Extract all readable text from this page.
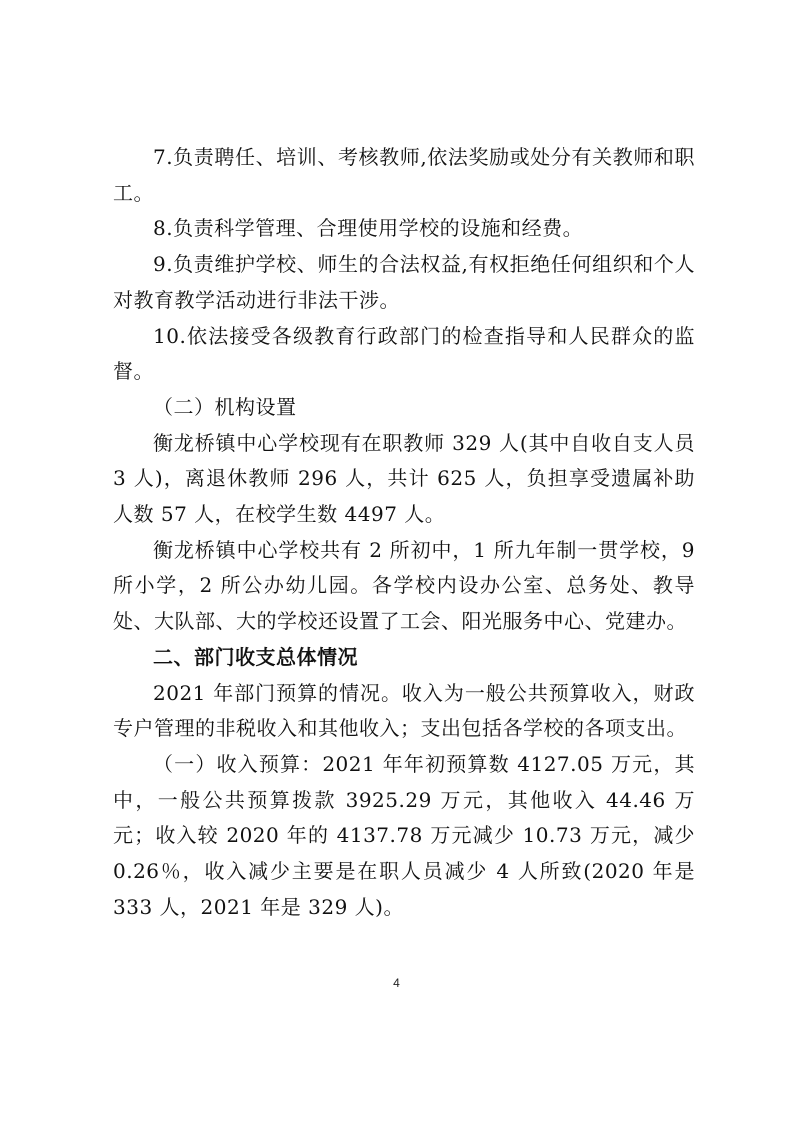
7.负责聘任、培训、考核教师,依法奖励或处分有关教师和职工。

8.负责科学管理、合理使用学校的设施和经费。

9.负责维护学校、师生的合法权益,有权拒绝任何组织和个人对教育教学活动进行非法干涉。

10.依法接受各级教育行政部门的检查指导和人民群众的监督。

（二）机构设置

衡龙桥镇中心学校现有在职教师 329 人(其中自收自支人员 3 人)，离退休教师 296 人，共计 625 人，负担享受遗属补助人数 57 人，在校学生数 4497 人。

衡龙桥镇中心学校共有 2 所初中，1 所九年制一贯学校，9 所小学，2 所公办幼儿园。各学校内设办公室、总务处、教导处、大队部、大的学校还设置了工会、阳光服务中心、党建办。

二、部门收支总体情况

2021 年部门预算的情况。收入为一般公共预算收入，财政专户管理的非税收入和其他收入；支出包括各学校的各项支出。

（一）收入预算：2021 年年初预算数 4127.05 万元，其中，一般公共预算拨款 3925.29 万元，其他收入 44.46 万元；收入较 2020 年的 4137.78 万元减少 10.73 万元，减少 0.26％，收入减少主要是在职人员减少 4 人所致(2020 年是 333 人，2021 年是 329 人)。

4
